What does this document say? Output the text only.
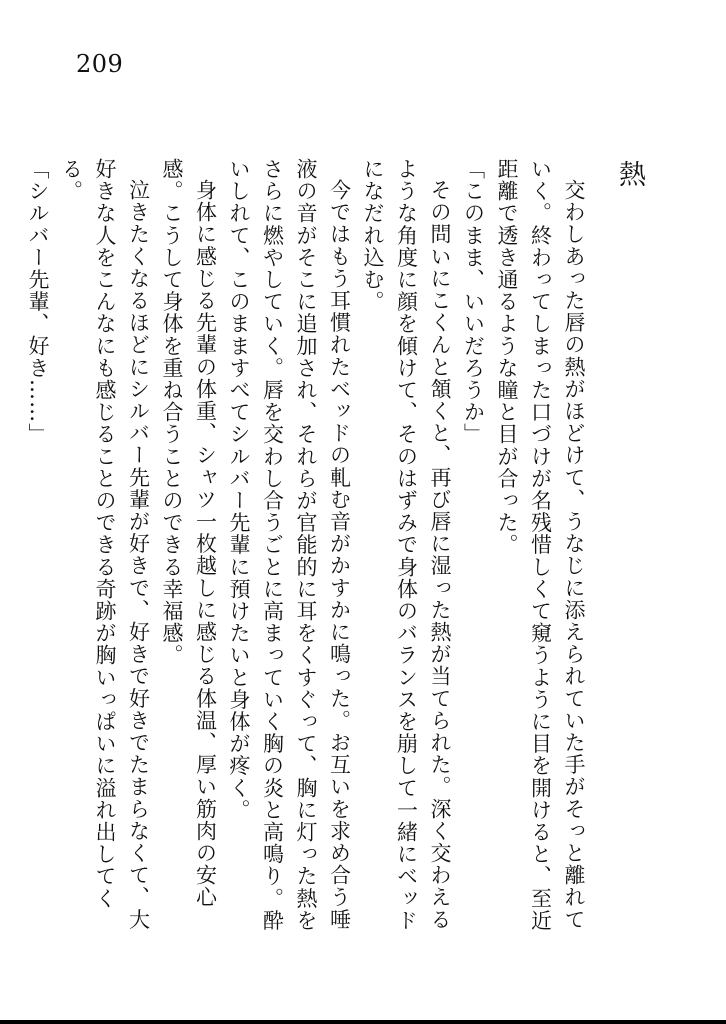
209
熱

交わしあった唇の熱がほどけて、うなじに添えられていた手がそっと離れていく。終わってしまった口づけが名残惜しくて窺うように目を開けると、至近距離で透き通るような瞳と目が合った。

「このまま、いいだろうか」

その問いにこくんと頷くと、再び唇に湿った熱が当てられた。深く交わえるような角度に顔を傾けて、そのはずみで身体のバランスを崩して一緒にベッドになだれ込む。

今ではもう耳慣れたベッドの軋む音がかすかに鳴った。お互いを求め合う唾液の音がそこに追加され、それらが官能的に耳をくすぐって、胸に灯った熱をさらに燃やしていく。唇を交わし合うごとに高まっていく胸の炎と高鳴り。酔いしれて、このまますべてシルバー先輩に預けたいと身体が疼く。

身体に感じる先輩の体重、シャツ一枚越しに感じる体温、厚い筋肉の安心感。こうして身体を重ね合うことのできる幸福感。

泣きたくなるほどにシルバー先輩が好きで、好きで好きでたまらなくて、大好きな人をこんなにも感じることのできる奇跡が胸いっぱいに溢れ出してくる。

「シルバー先輩、好き……」
